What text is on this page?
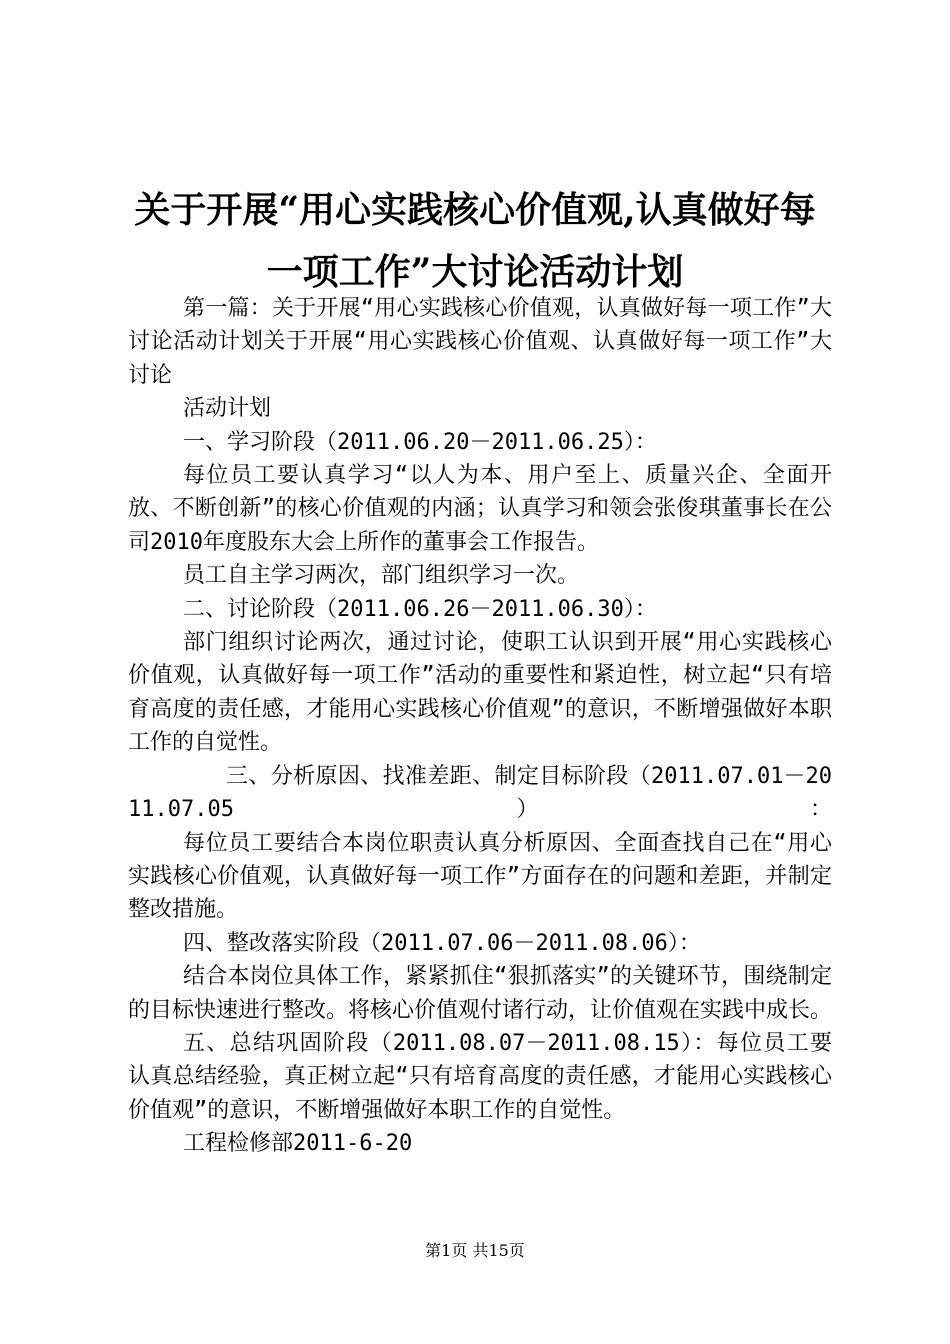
关于开展“用心实践核心价值观,认真做好每
一项工作”大讨论活动计划

第一篇：关于开展“用心实践核心价值观，认真做好每一项工作”大讨论活动计划关于开展“用心实践核心价值观、认真做好每一项工作”大讨论

活动计划

一、学习阶段（2011.06.20－2011.06.25）：

每位员工要认真学习“以人为本、用户至上、质量兴企、全面开放、不断创新”的核心价值观的内涵；认真学习和领会张俊琪董事长在公司2010年度股东大会上所作的董事会工作报告。

员工自主学习两次，部门组织学习一次。

二、讨论阶段（2011.06.26－2011.06.30）：

部门组织讨论两次，通过讨论，使职工认识到开展“用心实践核心价值观，认真做好每一项工作”活动的重要性和紧迫性，树立起“只有培育高度的责任感，才能用心实践核心价值观”的意识，不断增强做好本职工作的自觉性。

三、分析原因、找准差距、制定目标阶段（2011.07.01－2011.07.05）：

每位员工要结合本岗位职责认真分析原因、全面查找自己在“用心实践核心价值观，认真做好每一项工作”方面存在的问题和差距，并制定整改措施。

四、整改落实阶段（2011.07.06－2011.08.06）：

结合本岗位具体工作，紧紧抓住“狠抓落实”的关键环节，围绕制定的目标快速进行整改。将核心价值观付诸行动，让价值观在实践中成长。

五、总结巩固阶段（2011.08.07－2011.08.15）：每位员工要认真总结经验，真正树立起“只有培育高度的责任感，才能用心实践核心价值观”的意识，不断增强做好本职工作的自觉性。

工程检修部2011-6-20

第1页 共15页
